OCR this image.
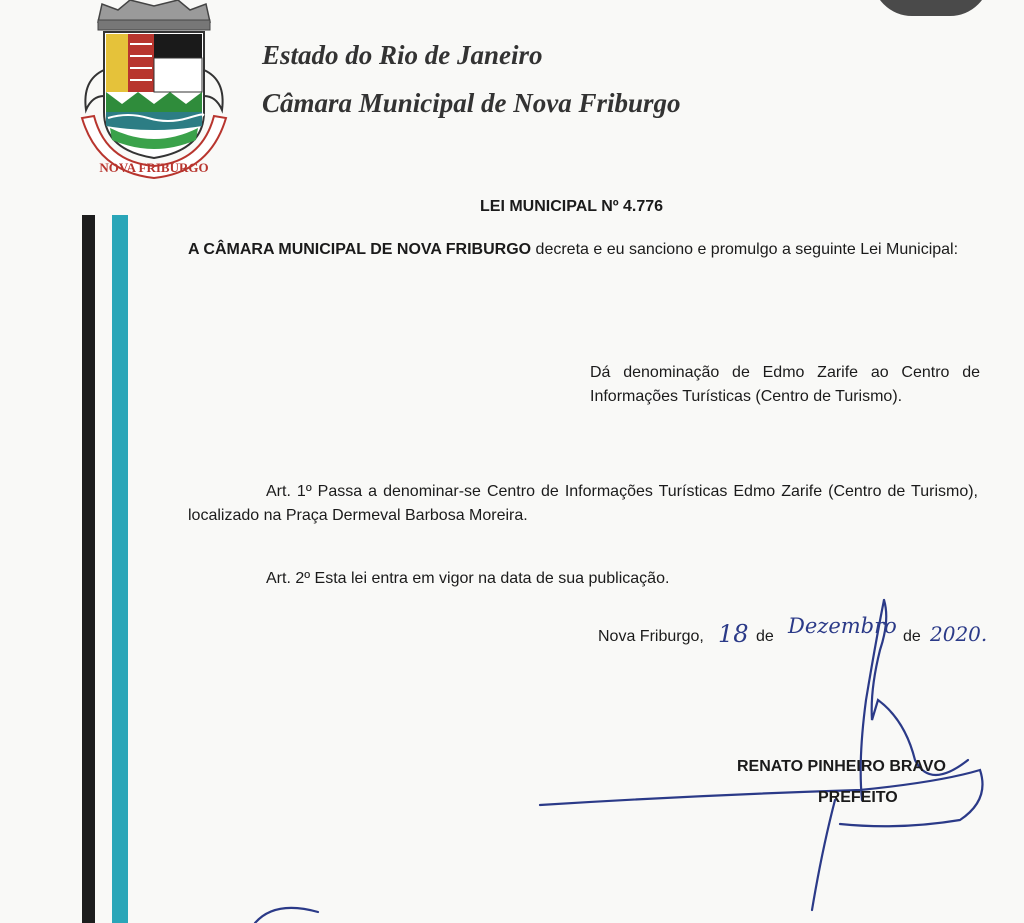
NOVA FRIBURGO
Estado do Rio de Janeiro
Câmara Municipal de Nova Friburgo
LEI MUNICIPAL Nº 4.776
A CÂMARA MUNICIPAL DE NOVA FRIBURGO decreta e eu sanciono e promulgo a seguinte Lei Municipal:
Dá denominação de Edmo Zarife ao Centro de Informações Turísticas (Centro de Turismo).
Art. 1º Passa a denominar-se Centro de Informações Turísticas Edmo Zarife (Centro de Turismo), localizado na Praça Dermeval Barbosa Moreira.
Art. 2º Esta lei entra em vigor na data de sua publicação.
Nova Friburgo, 18 de Dezembro de 2020.
RENATO PINHEIRO BRAVO
PREFEITO
